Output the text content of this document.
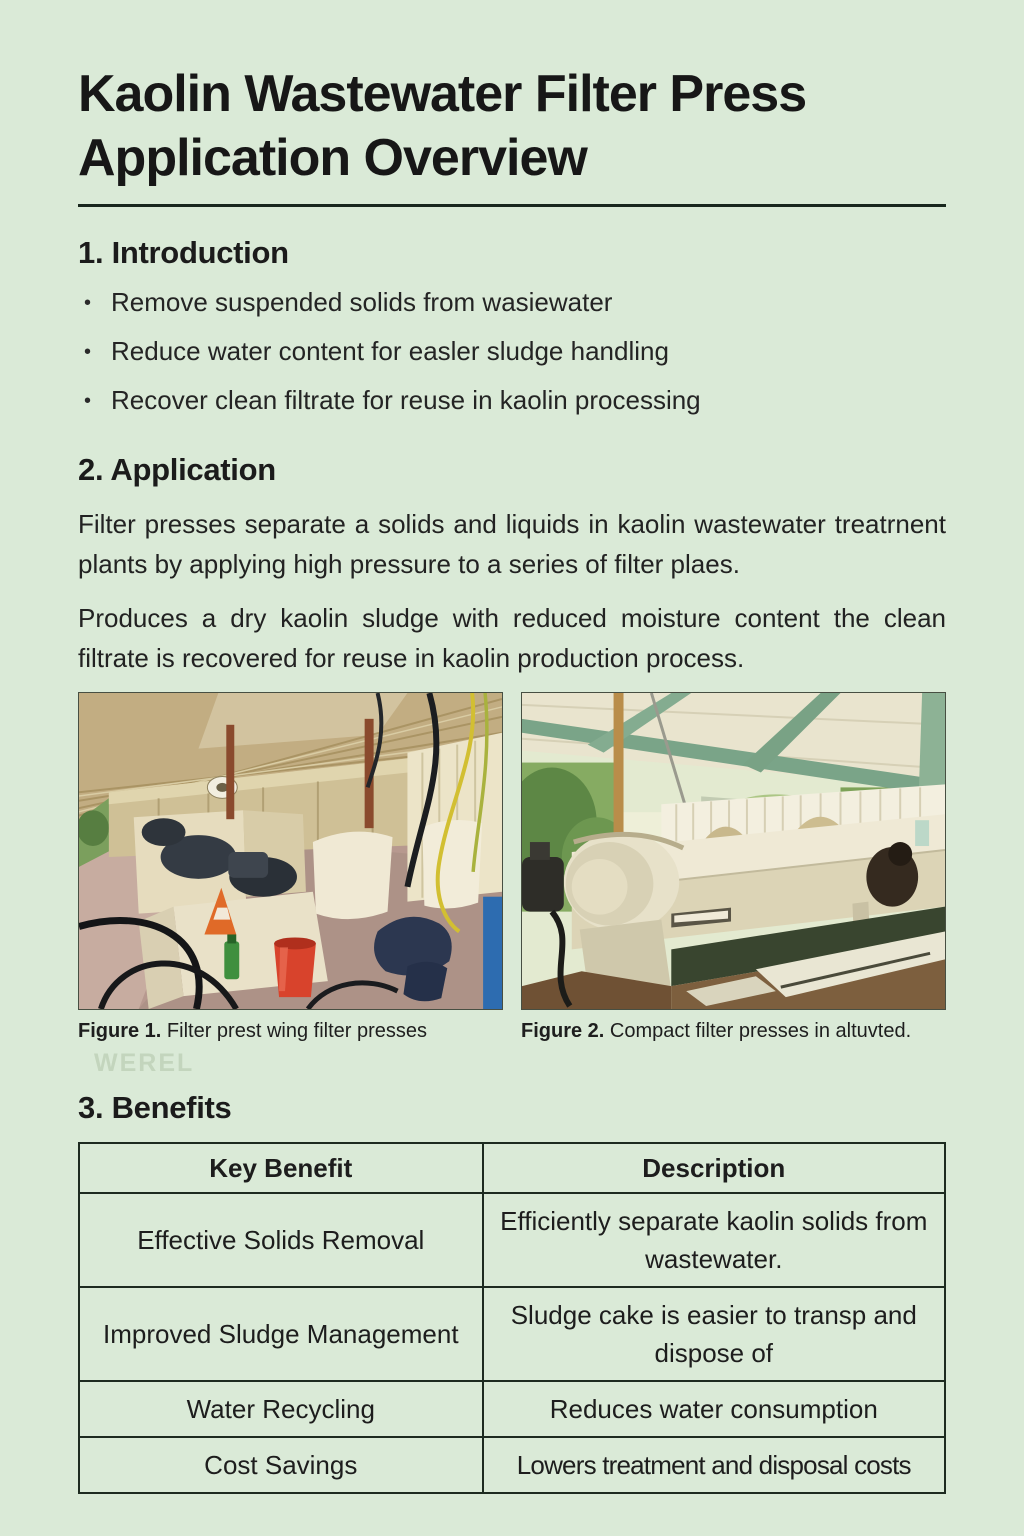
Kaolin Wastewater Filter Press
Application Overview
1. Introduction
• Remove suspended solids from wasiewater
• Reduce water content for easler sludge handling
• Recover clean filtrate for reuse in kaolin processing
2. Application

Filter presses separate a solids and liquids in kaolin wastewater treatrnent plants by applying high pressure to a series of filter plaes.

Produces a dry kaolin sludge with reduced moisture content the clean filtrate is recovered for reuse in kaolin production process.

Figure 1. Filter prest wing filter presses	Figure 2. Compact filter presses in altuvted.
WEREL
3. Benefits
Key Benefit	Description
Effective Solids Removal	Efficiently separate kaolin solids from wastewater.
Improved Sludge Management	Sludge cake is easier to transp and dispose of
Water Recycling	Reduces water consumption
Cost Savings	Lowers treatment and disposal costs
